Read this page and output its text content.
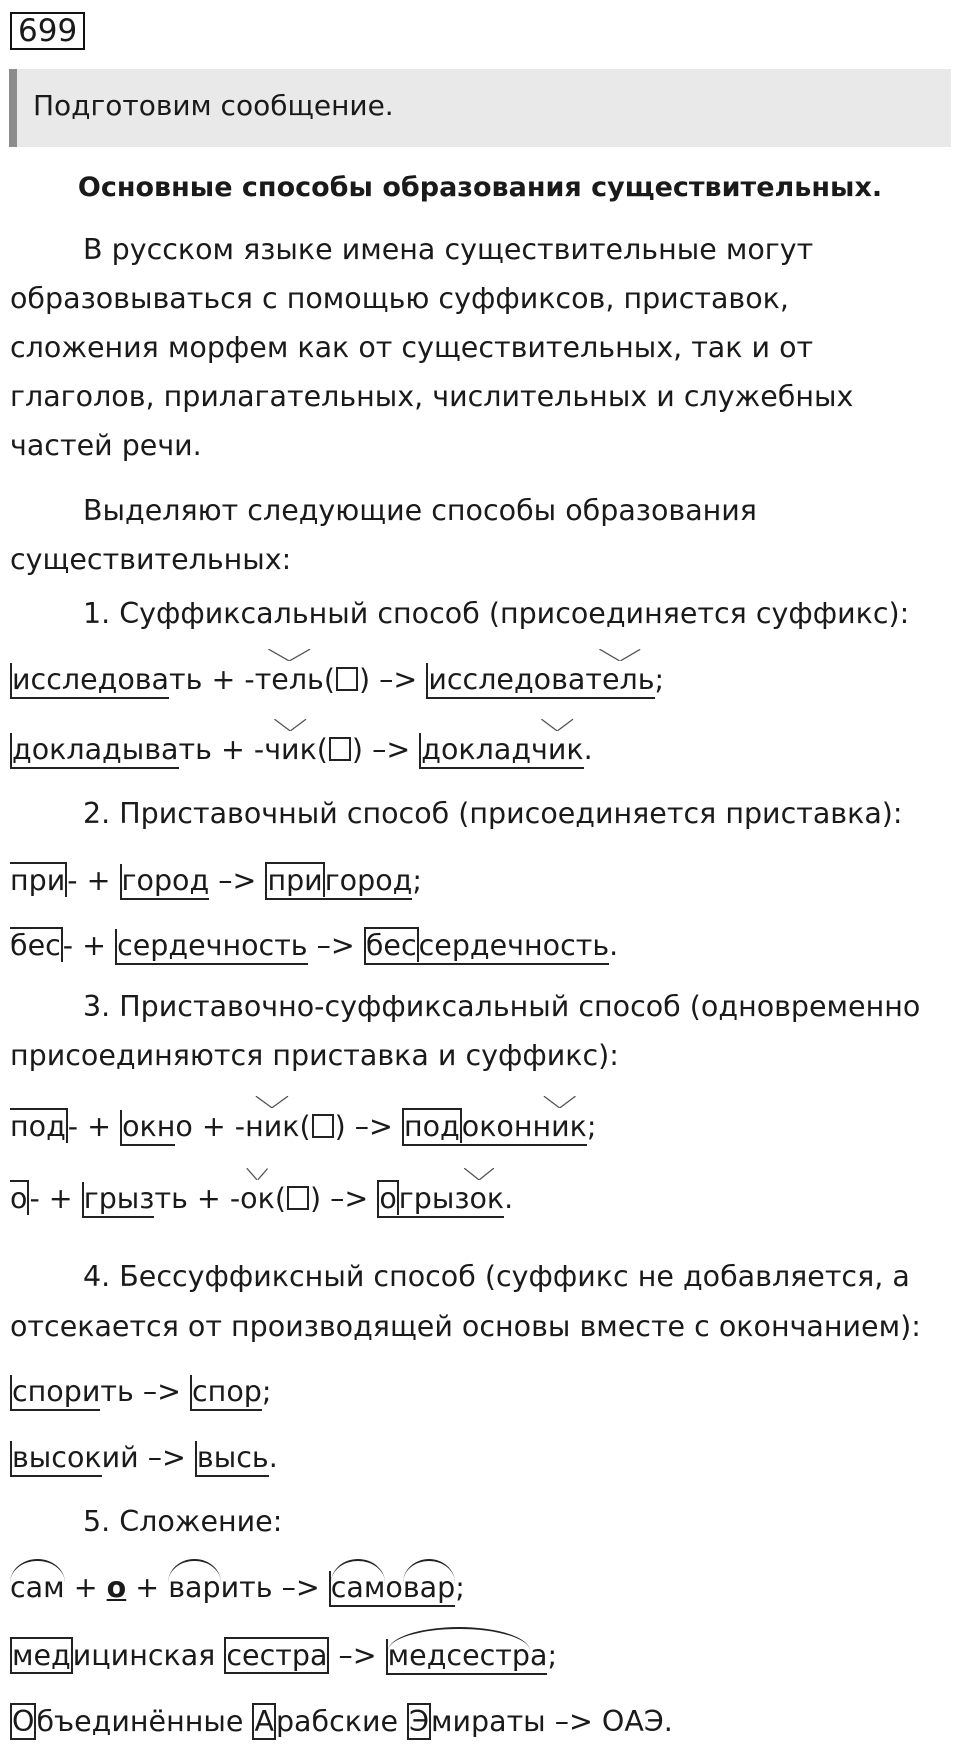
699
Подготовим сообщение.
Основные способы образования существительных.
В русском языке имена существительные могут
образовываться с помощью суффиксов, приставок,
сложения морфем как от существительных, так и от
глаголов, прилагательных, числительных и служебных
частей речи.
Выделяют следующие способы образования
существительных:
1. Суффиксальный способ (присоединяется суффикс):
исследовать + -тель( ) –> исследователь;
докладывать + -чик( ) –> докладчик.
2. Приставочный способ (присоединяется приставка):
при- + город –> пригород;
бес- + сердечность –> бессердечность.
3. Приставочно-суффиксальный способ (одновременно
присоединяются приставка и суффикс):
под- + окно + -ник( ) –> подоконник;
о- + грызть + -ок( ) –> огрызок.
4. Бессуффиксный способ (суффикс не добавляется, а
отсекается от производящей основы вместе с окончанием):
спорить –> спор;
высокий –> высь.
5. Сложение:
сам + о + варить –> самовар;
медицинская сестра –> медсестра;
Объединённые Арабские Эмираты –> ОАЭ.
